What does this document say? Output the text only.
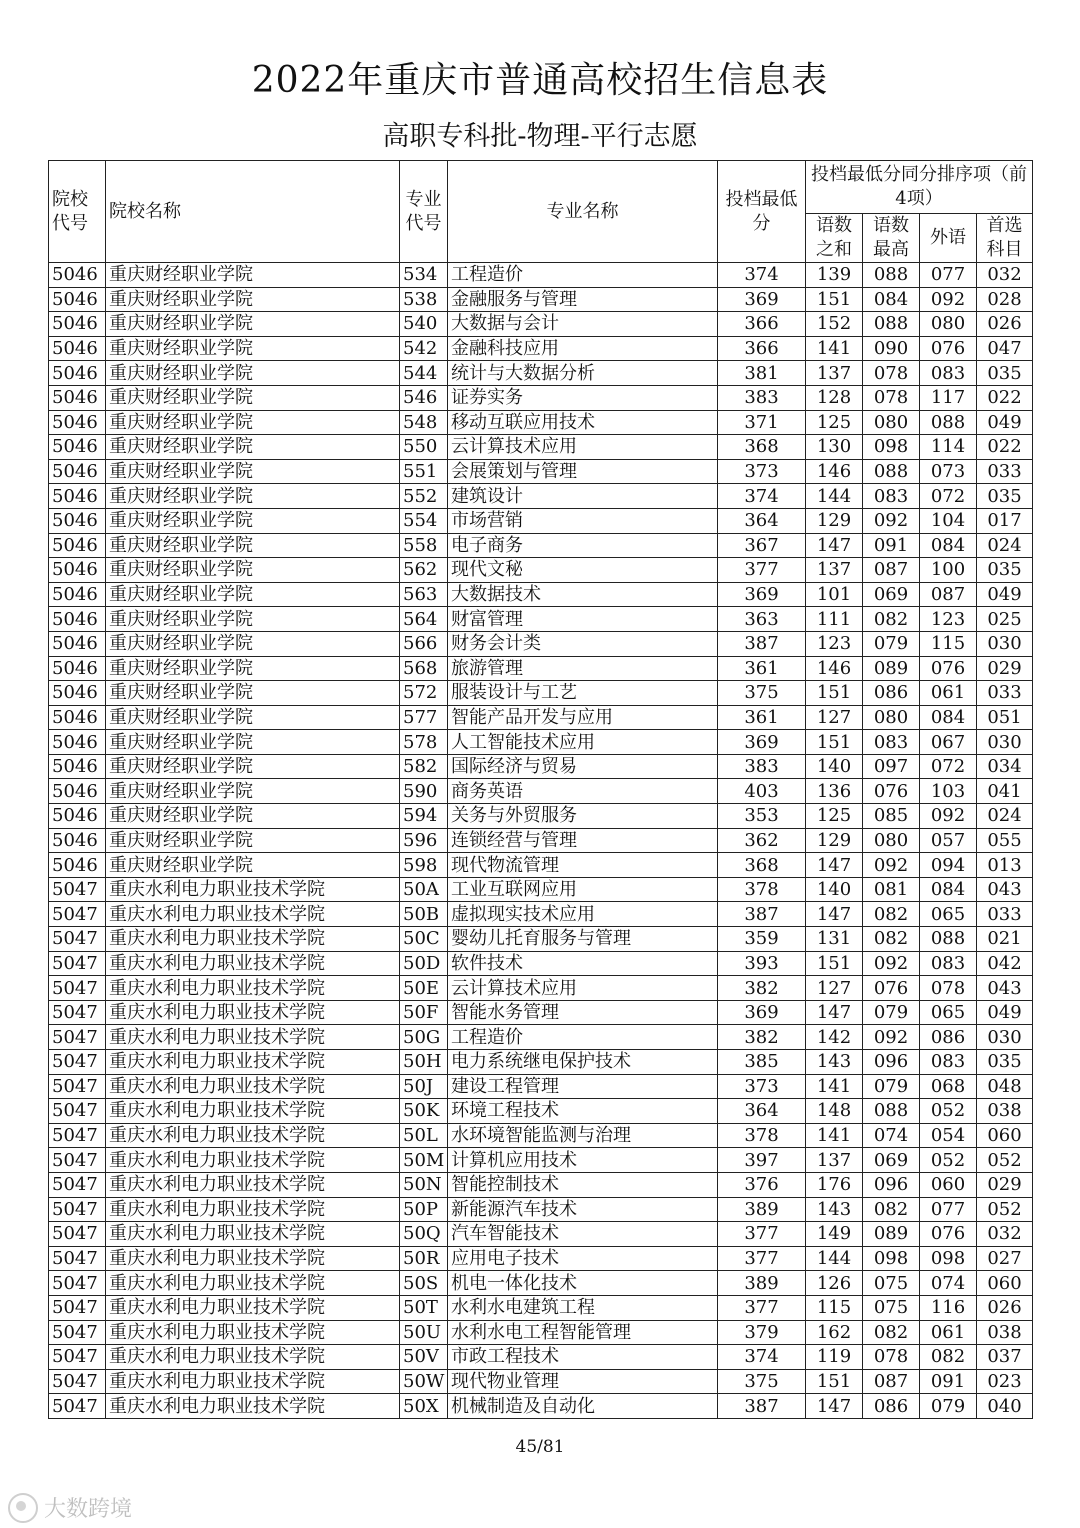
2022年重庆市普通高校招生信息表
高职专科批-物理-平行志愿
院校代号	院校名称	专业代号	专业名称	投档最低分	投档最低分同分排序项（前4项）			
					语数之和	语数最高	外语	首选科目
5046	重庆财经职业学院	534	工程造价	374	139	088	077	032
5046	重庆财经职业学院	538	金融服务与管理	369	151	084	092	028
5046	重庆财经职业学院	540	大数据与会计	366	152	088	080	026
5046	重庆财经职业学院	542	金融科技应用	366	141	090	076	047
5046	重庆财经职业学院	544	统计与大数据分析	381	137	078	083	035
5046	重庆财经职业学院	546	证券实务	383	128	078	117	022
5046	重庆财经职业学院	548	移动互联应用技术	371	125	080	088	049
5046	重庆财经职业学院	550	云计算技术应用	368	130	098	114	022
5046	重庆财经职业学院	551	会展策划与管理	373	146	088	073	033
5046	重庆财经职业学院	552	建筑设计	374	144	083	072	035
5046	重庆财经职业学院	554	市场营销	364	129	092	104	017
5046	重庆财经职业学院	558	电子商务	367	147	091	084	024
5046	重庆财经职业学院	562	现代文秘	377	137	087	100	035
5046	重庆财经职业学院	563	大数据技术	369	101	069	087	049
5046	重庆财经职业学院	564	财富管理	363	111	082	123	025
5046	重庆财经职业学院	566	财务会计类	387	123	079	115	030
5046	重庆财经职业学院	568	旅游管理	361	146	089	076	029
5046	重庆财经职业学院	572	服装设计与工艺	375	151	086	061	033
5046	重庆财经职业学院	577	智能产品开发与应用	361	127	080	084	051
5046	重庆财经职业学院	578	人工智能技术应用	369	151	083	067	030
5046	重庆财经职业学院	582	国际经济与贸易	383	140	097	072	034
5046	重庆财经职业学院	590	商务英语	403	136	076	103	041
5046	重庆财经职业学院	594	关务与外贸服务	353	125	085	092	024
5046	重庆财经职业学院	596	连锁经营与管理	362	129	080	057	055
5046	重庆财经职业学院	598	现代物流管理	368	147	092	094	013
5047	重庆水利电力职业技术学院	50A	工业互联网应用	378	140	081	084	043
5047	重庆水利电力职业技术学院	50B	虚拟现实技术应用	387	147	082	065	033
5047	重庆水利电力职业技术学院	50C	婴幼儿托育服务与管理	359	131	082	088	021
5047	重庆水利电力职业技术学院	50D	软件技术	393	151	092	083	042
5047	重庆水利电力职业技术学院	50E	云计算技术应用	382	127	076	078	043
5047	重庆水利电力职业技术学院	50F	智能水务管理	369	147	079	065	049
5047	重庆水利电力职业技术学院	50G	工程造价	382	142	092	086	030
5047	重庆水利电力职业技术学院	50H	电力系统继电保护技术	385	143	096	083	035
5047	重庆水利电力职业技术学院	50J	建设工程管理	373	141	079	068	048
5047	重庆水利电力职业技术学院	50K	环境工程技术	364	148	088	052	038
5047	重庆水利电力职业技术学院	50L	水环境智能监测与治理	378	141	074	054	060
5047	重庆水利电力职业技术学院	50M	计算机应用技术	397	137	069	052	052
5047	重庆水利电力职业技术学院	50N	智能控制技术	376	176	096	060	029
5047	重庆水利电力职业技术学院	50P	新能源汽车技术	389	143	082	077	052
5047	重庆水利电力职业技术学院	50Q	汽车智能技术	377	149	089	076	032
5047	重庆水利电力职业技术学院	50R	应用电子技术	377	144	098	098	027
5047	重庆水利电力职业技术学院	50S	机电一体化技术	389	126	075	074	060
5047	重庆水利电力职业技术学院	50T	水利水电建筑工程	377	115	075	116	026
5047	重庆水利电力职业技术学院	50U	水利水电工程智能管理	379	162	082	061	038
5047	重庆水利电力职业技术学院	50V	市政工程技术	374	119	078	082	037
5047	重庆水利电力职业技术学院	50W	现代物业管理	375	151	087	091	023
5047	重庆水利电力职业技术学院	50X	机械制造及自动化	387	147	086	079	040
45/81
大数跨境
